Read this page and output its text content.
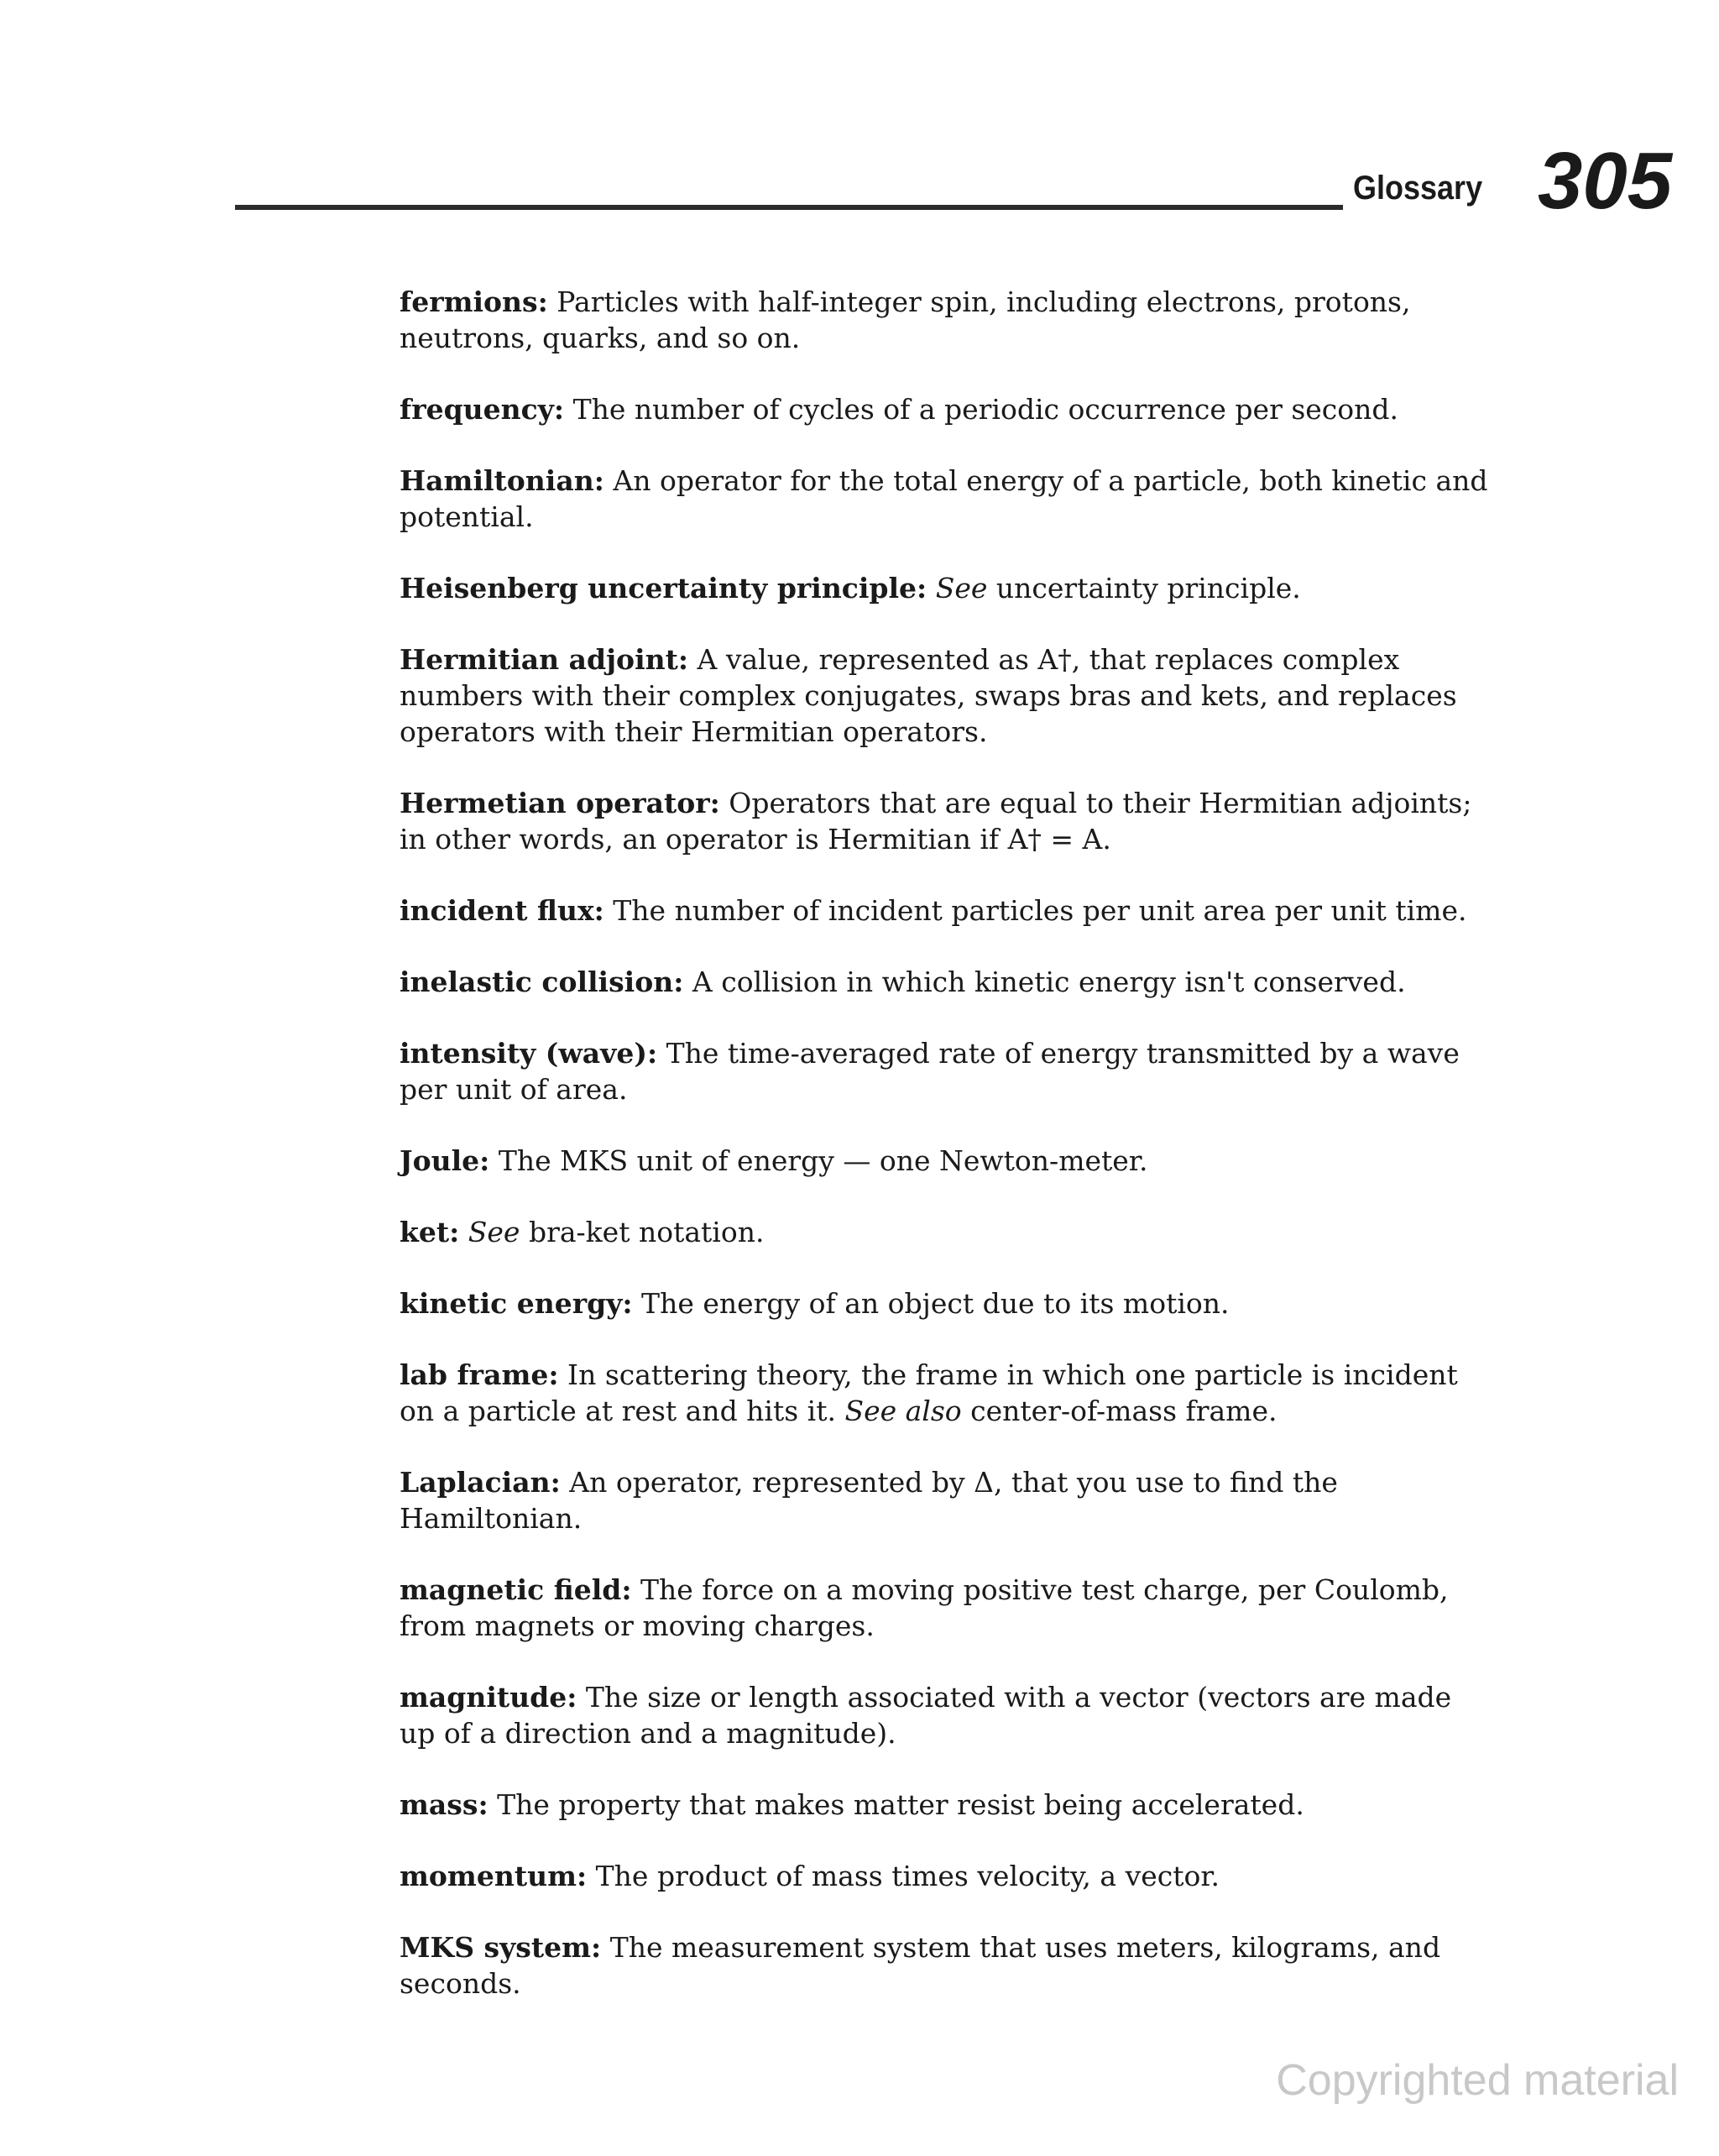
Glossary 305

fermions: Particles with half-integer spin, including electrons, protons, neutrons, quarks, and so on.

frequency: The number of cycles of a periodic occurrence per second.

Hamiltonian: An operator for the total energy of a particle, both kinetic and potential.

Heisenberg uncertainty principle: See uncertainty principle.

Hermitian adjoint: A value, represented as A†, that replaces complex numbers with their complex conjugates, swaps bras and kets, and replaces operators with their Hermitian operators.

Hermetian operator: Operators that are equal to their Hermitian adjoints; in other words, an operator is Hermitian if A† = A.

incident flux: The number of incident particles per unit area per unit time.

inelastic collision: A collision in which kinetic energy isn't conserved.

intensity (wave): The time-averaged rate of energy transmitted by a wave per unit of area.

Joule: The MKS unit of energy — one Newton-meter.

ket: See bra-ket notation.

kinetic energy: The energy of an object due to its motion.

lab frame: In scattering theory, the frame in which one particle is incident on a particle at rest and hits it. See also center-of-mass frame.

Laplacian: An operator, represented by Δ, that you use to find the Hamiltonian.

magnetic field: The force on a moving positive test charge, per Coulomb, from magnets or moving charges.

magnitude: The size or length associated with a vector (vectors are made up of a direction and a magnitude).

mass: The property that makes matter resist being accelerated.

momentum: The product of mass times velocity, a vector.

MKS system: The measurement system that uses meters, kilograms, and seconds.

Copyrighted material
